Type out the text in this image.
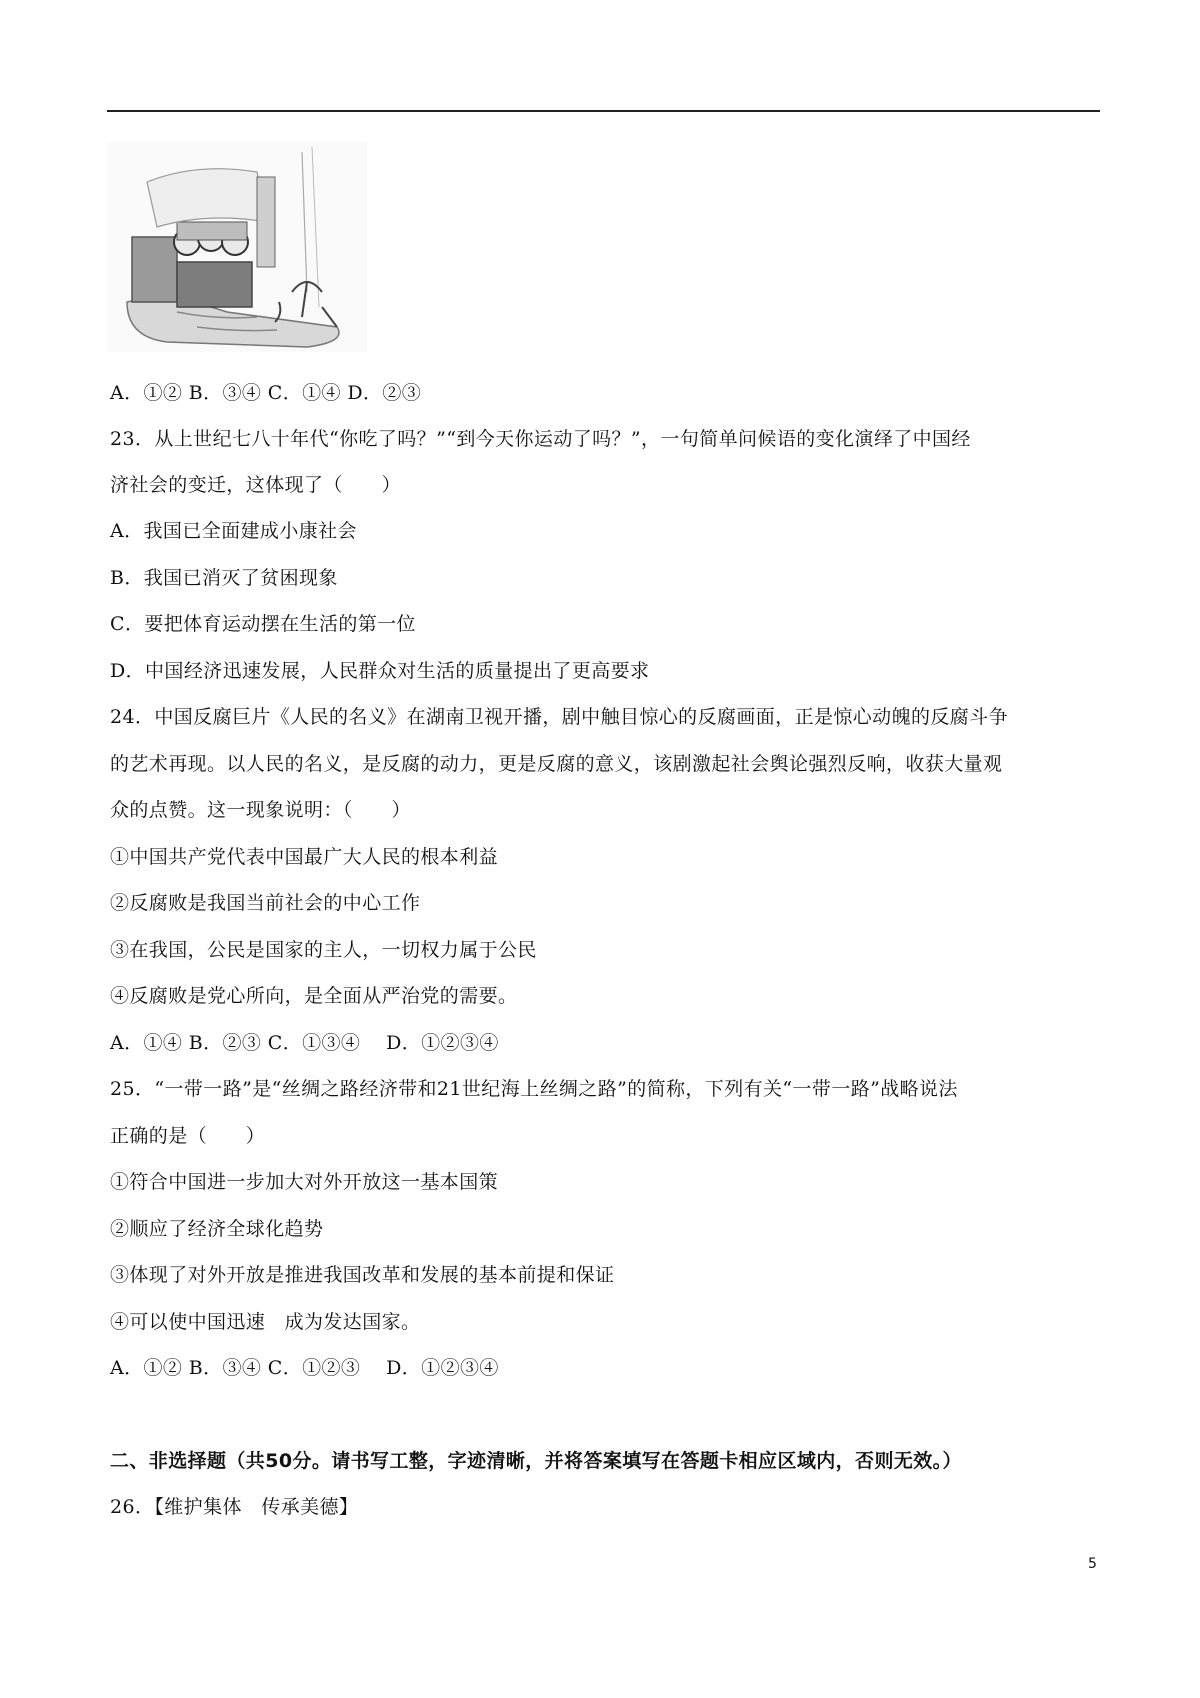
A．①② B．③④ C．①④ D．②③
23．从上世纪七八十年代“你吃了吗？”“到今天你运动了吗？”，一句简单问候语的变化演绎了中国经
济社会的变迁，这体现了（　　）
A．我国已全面建成小康社会
B．我国已消灭了贫困现象
C．要把体育运动摆在生活的第一位
D．中国经济迅速发展，人民群众对生活的质量提出了更高要求
24．中国反腐巨片《人民的名义》在湖南卫视开播，剧中触目惊心的反腐画面，正是惊心动魄的反腐斗争
的艺术再现。以人民的名义，是反腐的动力，更是反腐的意义，该剧激起社会舆论强烈反响，收获大量观
众的点赞。这一现象说明：（　　）
①中国共产党代表中国最广大人民的根本利益
②反腐败是我国当前社会的中心工作
③在我国，公民是国家的主人，一切权力属于公民
④反腐败是党心所向，是全面从严治党的需要。
A．①④ B．②③ C．①③④　 D．①②③④
25．“一带一路”是“丝绸之路经济带和21世纪海上丝绸之路”的简称，下列有关“一带一路”战略说法
正确的是（　　）
①符合中国进一步加大对外开放这一基本国策
②顺应了经济全球化趋势
③体现了对外开放是推进我国改革和发展的基本前提和保证
④可以使中国迅速　成为发达国家。
A．①② B．③④ C．①②③　 D．①②③④
二、非选择题（共50分。请书写工整，字迹清晰，并将答案填写在答题卡相应区域内，否则无效。）
26．【维护集体　传承美德】
5
